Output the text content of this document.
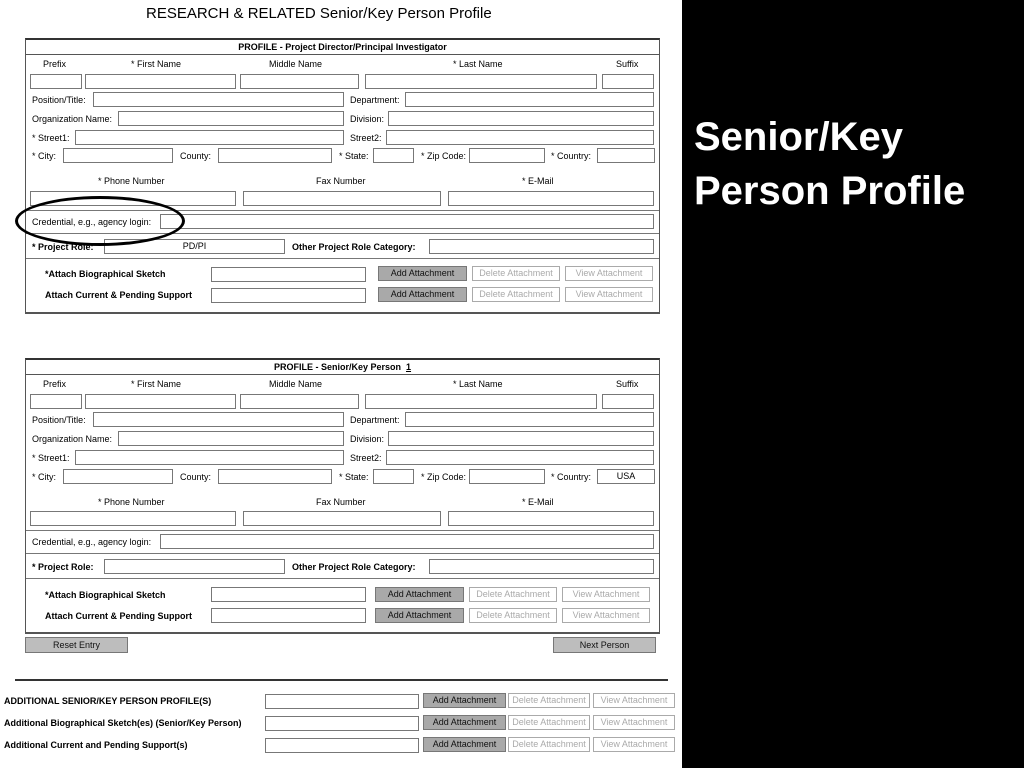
RESEARCH & RELATED Senior/Key Person Profile
PROFILE - Project Director/Principal Investigator
Prefix	* First Name	Middle Name	* Last Name	Suffix
Position/Title:	Department:
Organization Name:	Division:
* Street1:	Street2:
* City:	County:	* State:	* Zip Code:	* Country:
* Phone Number	Fax Number	* E-Mail
Credential, e.g., agency login:
* Project Role:	PD/PI	Other Project Role Category:
*Attach Biographical Sketch	Add Attachment	Delete Attachment	View Attachment
Attach Current & Pending Support	Add Attachment	Delete Attachment	View Attachment
PROFILE - Senior/Key Person 1
Prefix	* First Name	Middle Name	* Last Name	Suffix
Position/Title:	Department:
Organization Name:	Division:
* Street1:	Street2:
* City:	County:	* State:	* Zip Code:	* Country:	USA
* Phone Number	Fax Number	* E-Mail
Credential, e.g., agency login:
* Project Role:	Other Project Role Category:
*Attach Biographical Sketch	Add Attachment	Delete Attachment	View Attachment
Attach Current & Pending Support	Add Attachment	Delete Attachment	View Attachment
Reset Entry	Next Person
ADDITIONAL SENIOR/KEY PERSON PROFILE(S)	Add Attachment	Delete Attachment	View Attachment
Additional Biographical Sketch(es) (Senior/Key Person)	Add Attachment	Delete Attachment	View Attachment
Additional Current and Pending Support(s)	Add Attachment	Delete Attachment	View Attachment
Senior/Key
Person Profile
